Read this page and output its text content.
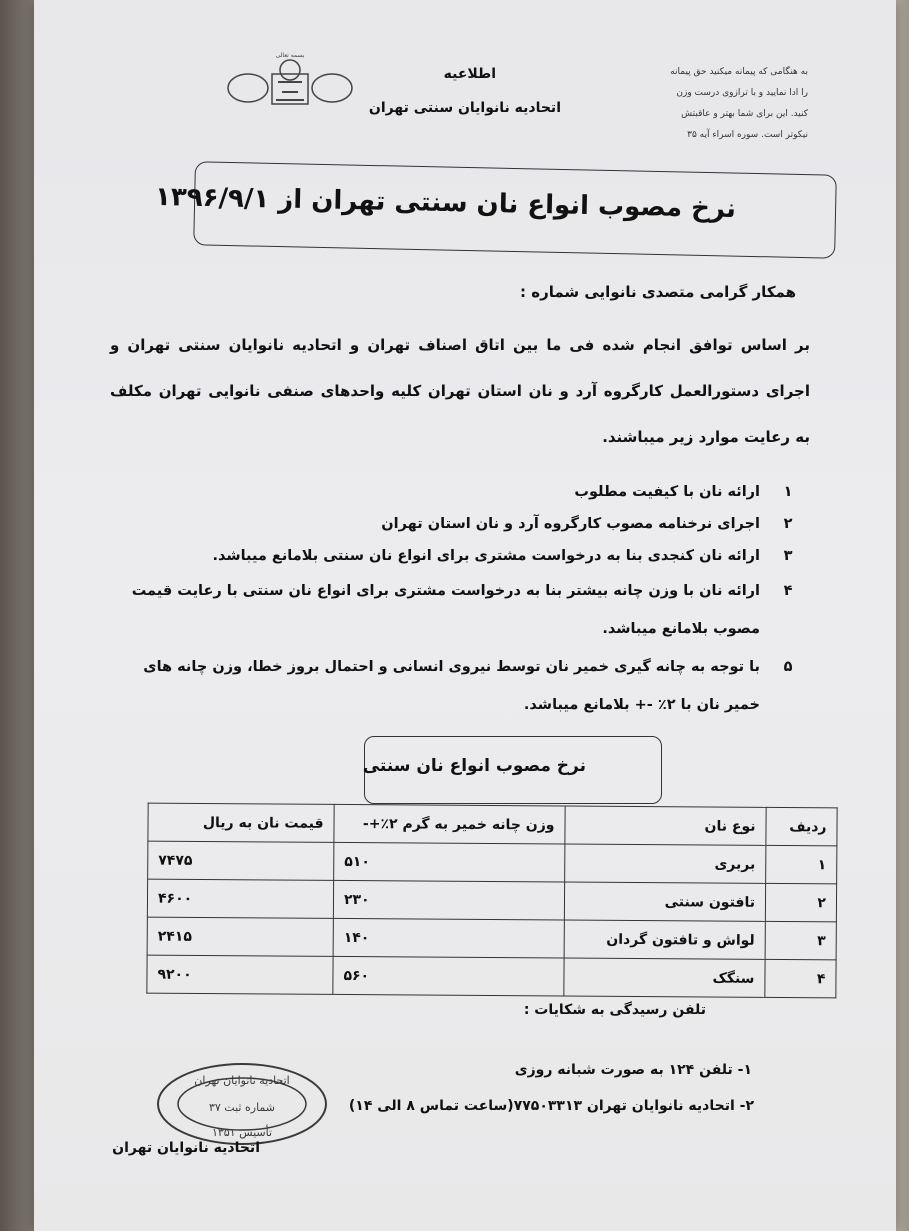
به هنگامی که پیمانه میکنید حق پیمانه را ادا نمایید و با ترازوی درست وزن کنید. این برای شما بهتر و عاقبتش نیکوتر است. سوره اسراء آیه ۳۵
اطلاعیه
اتحادیه نانوایان سنتی تهران
بسمه تعالی
نرخ مصوب انواع نان سنتی تهران از ۱۳۹۶/۹/۱
همکار گرامی متصدی نانوایی شماره :
بر اساس توافق انجام شده فی ما بین اتاق اصناف تهران و اتحادیه نانوایان سنتی تهران و اجرای دستورالعمل کارگروه آرد و نان استان تهران کلیه واحدهای صنفی نانوایی تهران مکلف به رعایت موارد زیر میباشند.
۱
ارائه نان با کیفیت مطلوب
۲
اجرای نرخنامه مصوب کارگروه آرد و نان استان تهران
۳
ارائه نان کنجدی بنا به درخواست مشتری برای انواع نان سنتی بلامانع میباشد.
۴
ارائه نان با وزن چانه بیشتر بنا به درخواست مشتری برای انواع نان سنتی با رعایت قیمت مصوب بلامانع میباشد.
۵
با توجه به چانه گیری خمیر نان توسط نیروی انسانی و احتمال بروز خطا، وزن چانه های خمیر نان با ۲٪ -+ بلامانع میباشد.
نرخ مصوب انواع نان سنتی
ردیف	نوع نان	وزن چانه خمیر به گرم ۲٪+-	قیمت نان به ریال
۱	بربری	۵۱۰	۷۴۷۵
۲	تافتون سنتی	۲۳۰	۴۶۰۰
۳	لواش و تافتون گردان	۱۴۰	۲۴۱۵
۴	سنگک	۵۶۰	۹۲۰۰
تلفن رسیدگی به شکایات :
۱- تلفن ۱۲۴ به صورت شبانه روزی
۲- اتحادیه نانوایان تهران ۷۷۵۰۳۳۱۳(ساعت تماس ۸ الی ۱۴)
اتحادیه نانوایان تهران
شماره ثبت ۳۷
تأسیس ۱۳۵۱
اتحادیه نانوایان تهران
